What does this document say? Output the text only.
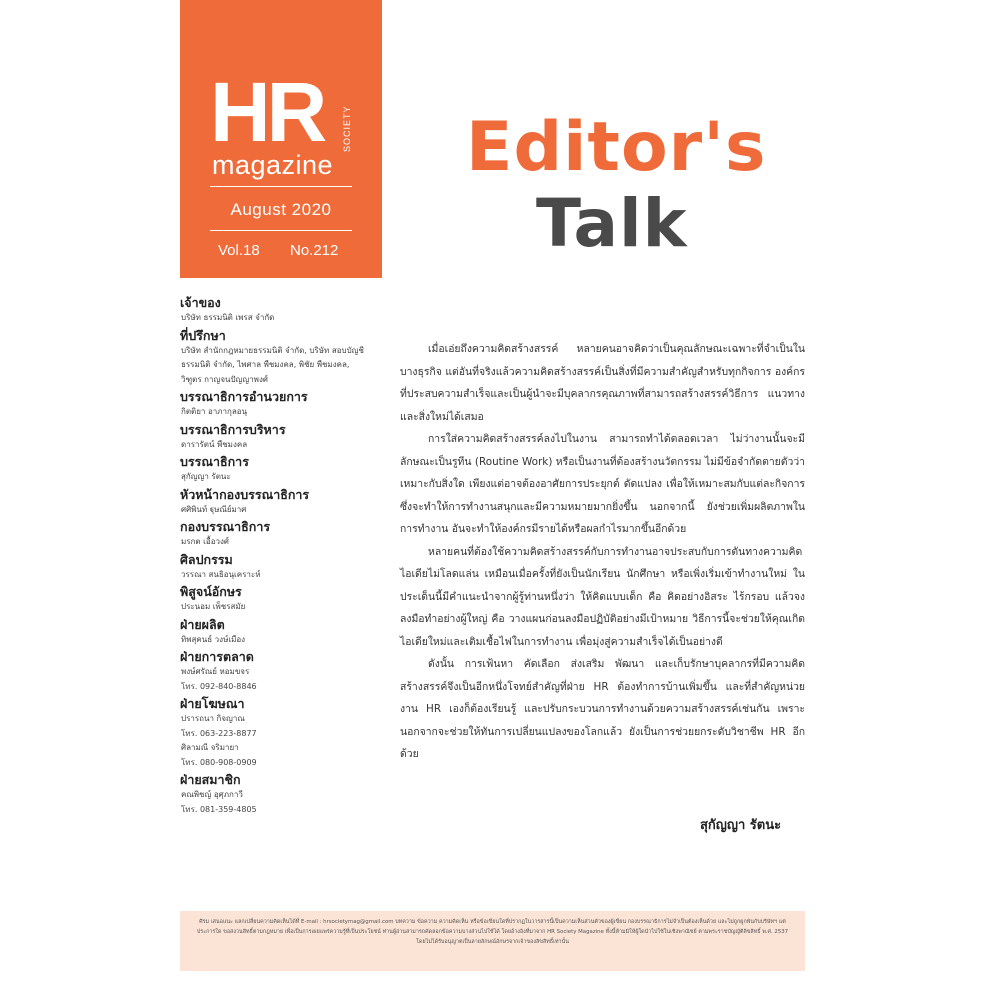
HR SOCIETY
magazine
August 2020
Vol.18 No.212
Editor's
Talk
เจ้าของ
บริษัท ธรรมนิติ เพรส จำกัด
ที่ปรึกษา
บริษัท สำนักกฎหมายธรรมนิติ จำกัด, บริษัท สอบบัญชี
ธรรมนิติ จำกัด, ไพศาล พืชมงคล, พิชัย พืชมงคล,
วิฑูตร กาญจนปัญญาพงศ์
บรรณาธิการอำนวยการ
กิตติยา อาภากุลอนุ
บรรณาธิการบริหาร
ดารารัตน์ พืชมงคล
บรรณาธิการ
สุกัญญา รัตนะ
หัวหน้ากองบรรณาธิการ
ศศิพินท์ ฐุษณีย์มาศ
กองบรรณาธิการ
มรกต เอื้อวงศ์
ศิลปกรรม
วรรณา สนธิอนุเคราะห์
พิสูจน์อักษร
ประนอม เพ็ชรสมัย
ฝ่ายผลิต
ทิพสุคนธ์ วงษ์เมือง
ฝ่ายการตลาด
พงษ์ศรัณย์ หอมขจร
โทร. 092-840-8846
ฝ่ายโฆษณา
ปรารถนา กิจญาณ
โทร. 063-223-8877
ศิลามณี จริมายา
โทร. 080-908-0909
ฝ่ายสมาชิก
คณพิชญ์ อุศุภกาวี
โทร. 081-359-4805

เมื่อเอ่ยถึงความคิดสร้างสรรค์ หลายคนอาจคิดว่าเป็นคุณลักษณะเฉพาะที่จำเป็นในบางธุรกิจ แต่อันที่จริงแล้วความคิดสร้างสรรค์เป็นสิ่งที่มีความสำคัญสำหรับทุกกิจการ องค์กรที่ประสบความสำเร็จและเป็นผู้นำจะมีบุคลากรคุณภาพที่สามารถสร้างสรรค์วิธีการ แนวทาง และสิ่งใหม่ได้เสมอ

การใส่ความคิดสร้างสรรค์ลงไปในงาน สามารถทำได้ตลอดเวลา ไม่ว่างานนั้นจะมีลักษณะเป็นรูทีน (Routine Work) หรือเป็นงานที่ต้องสร้างนวัตกรรม ไม่มีข้อจำกัดตายตัวว่าเหมาะกับสิ่งใด เพียงแต่อาจต้องอาศัยการประยุกต์ ดัดแปลง เพื่อให้เหมาะสมกับแต่ละกิจการ ซึ่งจะทำให้การทำงานสนุกและมีความหมายมากยิ่งขึ้น นอกจากนี้ ยังช่วยเพิ่มผลิตภาพในการทำงาน อันจะทำให้องค์กรมีรายได้หรือผลกำไรมากขึ้นอีกด้วย

หลายคนที่ต้องใช้ความคิดสร้างสรรค์กับการทำงานอาจประสบกับการตันทางความคิด ไอเดียไม่โลดแล่น เหมือนเมื่อครั้งที่ยังเป็นนักเรียน นักศึกษา หรือเพิ่งเริ่มเข้าทำงานใหม่ ในประเด็นนี้มีคำแนะนำจากผู้รู้ท่านหนึ่งว่า ให้คิดแบบเด็ก คือ คิดอย่างอิสระ ไร้กรอบ แล้วจงลงมือทำอย่างผู้ใหญ่ คือ วางแผนก่อนลงมือปฏิบัติอย่างมีเป้าหมาย วิธีการนี้จะช่วยให้คุณเกิดไอเดียใหม่และเติมเชื้อไฟในการทำงาน เพื่อมุ่งสู่ความสำเร็จได้เป็นอย่างดี

ดังนั้น การเฟ้นหา คัดเลือก ส่งเสริม พัฒนา และเก็บรักษาบุคลากรที่มีความคิดสร้างสรรค์จึงเป็นอีกหนึ่งโจทย์สำคัญที่ฝ่าย HR ต้องทำการบ้านเพิ่มขึ้น และที่สำคัญหน่วยงาน HR เองก็ต้องเรียนรู้ และปรับกระบวนการทำงานด้วยความสร้างสรรค์เช่นกัน เพราะนอกจากจะช่วยให้ทันการเปลี่ยนแปลงของโลกแล้ว ยังเป็นการช่วยยกระดับวิชาชีพ HR อีกด้วย

สุกัญญา รัตนะ

ศิรม เสนอแนะ แลกเปลี่ยนความคิดเห็นได้ที่ E-mail : hrsocietymag@gmail.com บทความ ข้อความ ความคิดเห็น หรือข้อเขียนใดที่ปรากฏในวารสารนี้เป็นความเห็นส่วนตัวของผู้เขียน กองบรรณาธิการไม่จำเป็นต้องเห็นด้วย และไม่ถูกผูกพันกับบริษัทฯ แต่ประการใด ขอสงวนสิทธิ์ตามกฎหมาย เพื่อเป็นการเผยแพร่ความรู้ที่เป็นประโยชน์ ท่านผู้อ่านสามารถคัดลอกข้อความบางส่วนไปใช้ได้ โดยอ้างอิงที่มาจาก HR Society Magazine ทั้งนี้ห้ามมิให้ผู้ใดนำไปใช้ในเชิงพาณิชย์ ตามพระราชบัญญัติลิขสิทธิ์ พ.ศ. 2537 โดยไม่ได้รับอนุญาตเป็นลายลักษณ์อักษรจากเจ้าของลิขสิทธิ์เท่านั้น
